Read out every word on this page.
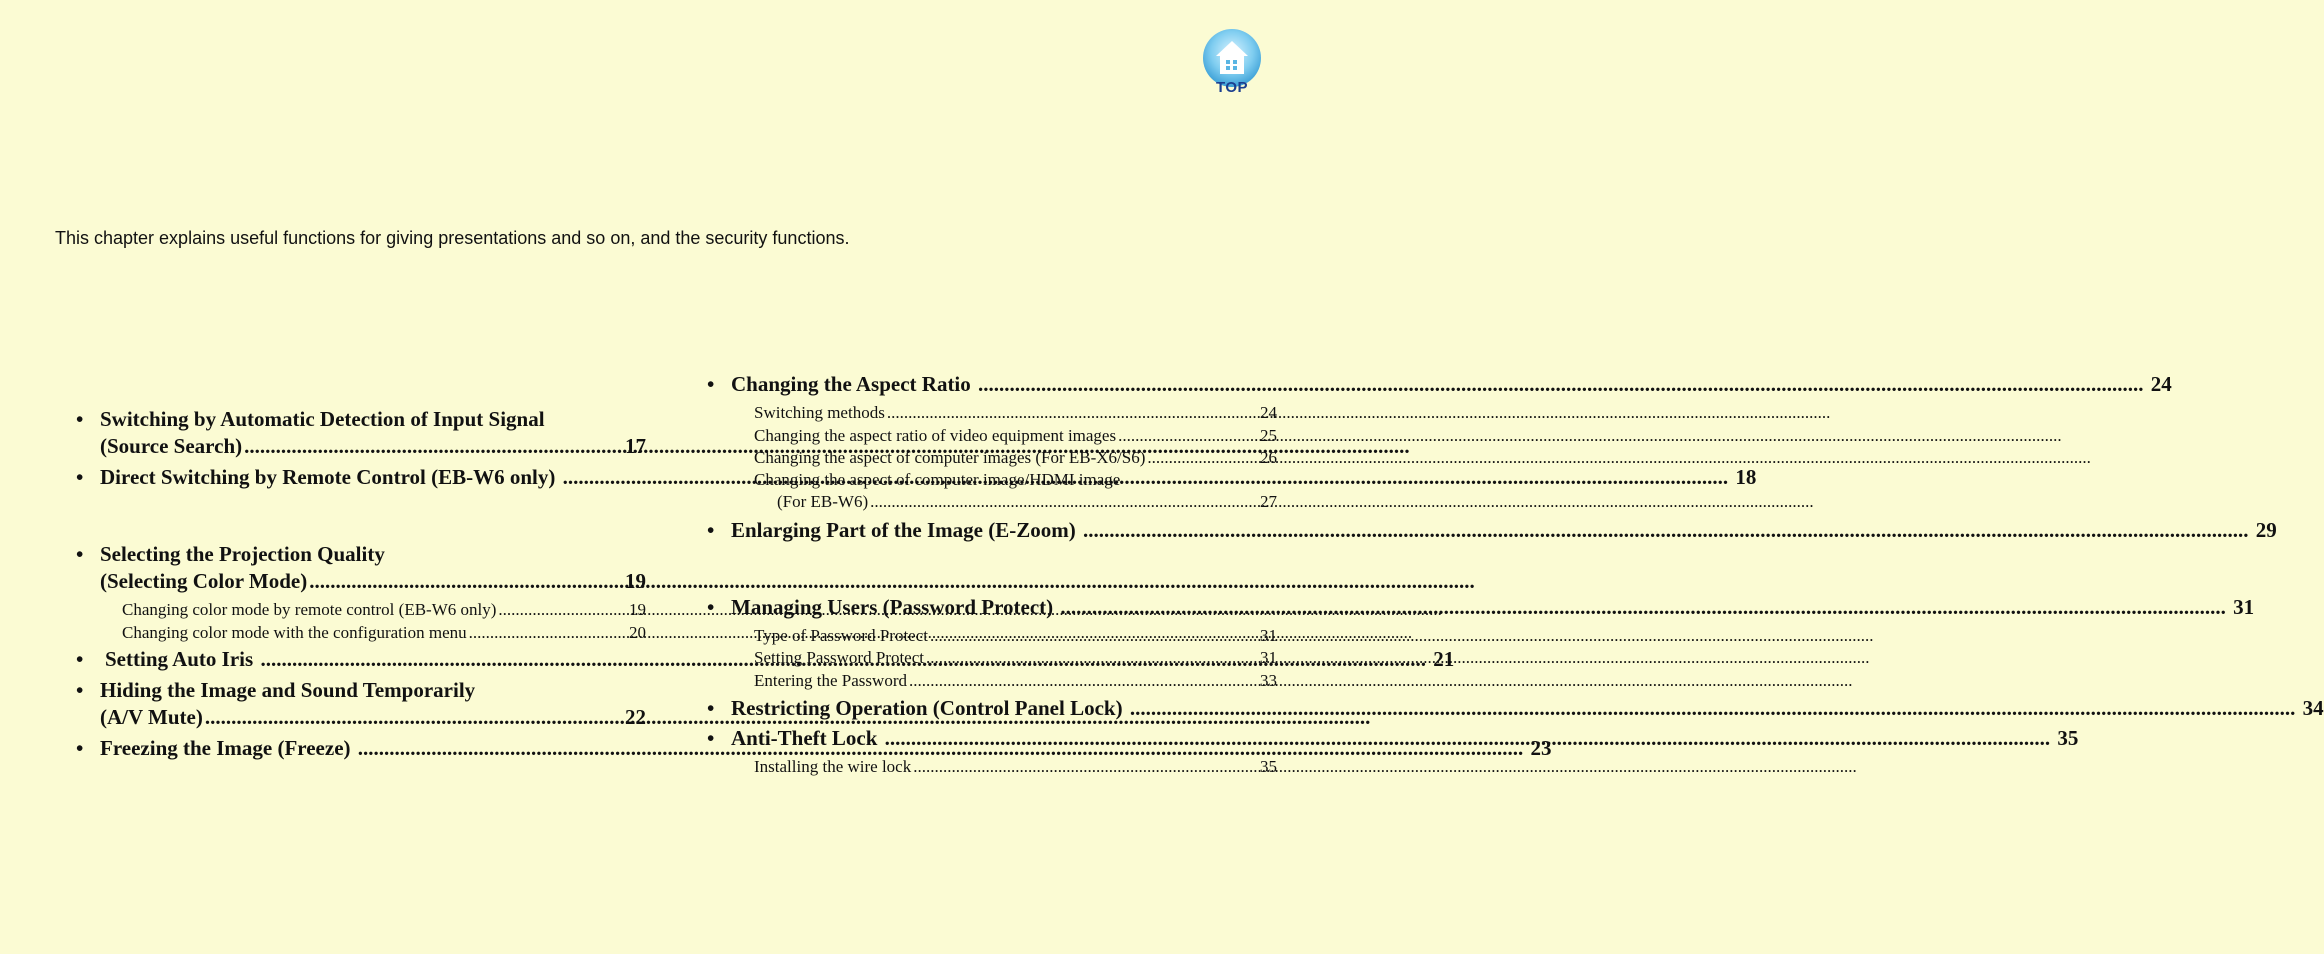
TOP
This chapter explains useful functions for giving presentations and so on, and the security functions.
• Switching by Automatic Detection of Input Signal
(Source Search) .....	17
• Direct Switching by Remote Control (EB-W6 only) .....	18
• Selecting the Projection Quality
(Selecting Color Mode) .....	19
Changing color mode by remote control (EB-W6 only) .....	19
Changing color mode with the configuration menu .....	20
• Setting Auto Iris .....	21
• Hiding the Image and Sound Temporarily
(A/V Mute) .....	22
• Freezing the Image (Freeze) .....	23
• Changing the Aspect Ratio .....	24
Switching methods .....	24
Changing the aspect ratio of video equipment images .....	25
Changing the aspect of computer images (For EB-X6/S6) .....	26
Changing the aspect of computer image/HDMI image
(For EB-W6) .....	27
• Enlarging Part of the Image (E-Zoom) .....	29
• Managing Users (Password Protect) .....	31
Type of Password Protect .....	31
Setting Password Protect .....	31
Entering the Password .....	33
• Restricting Operation (Control Panel Lock) .....	34
• Anti-Theft Lock .....	35
Installing the wire lock .....	35
